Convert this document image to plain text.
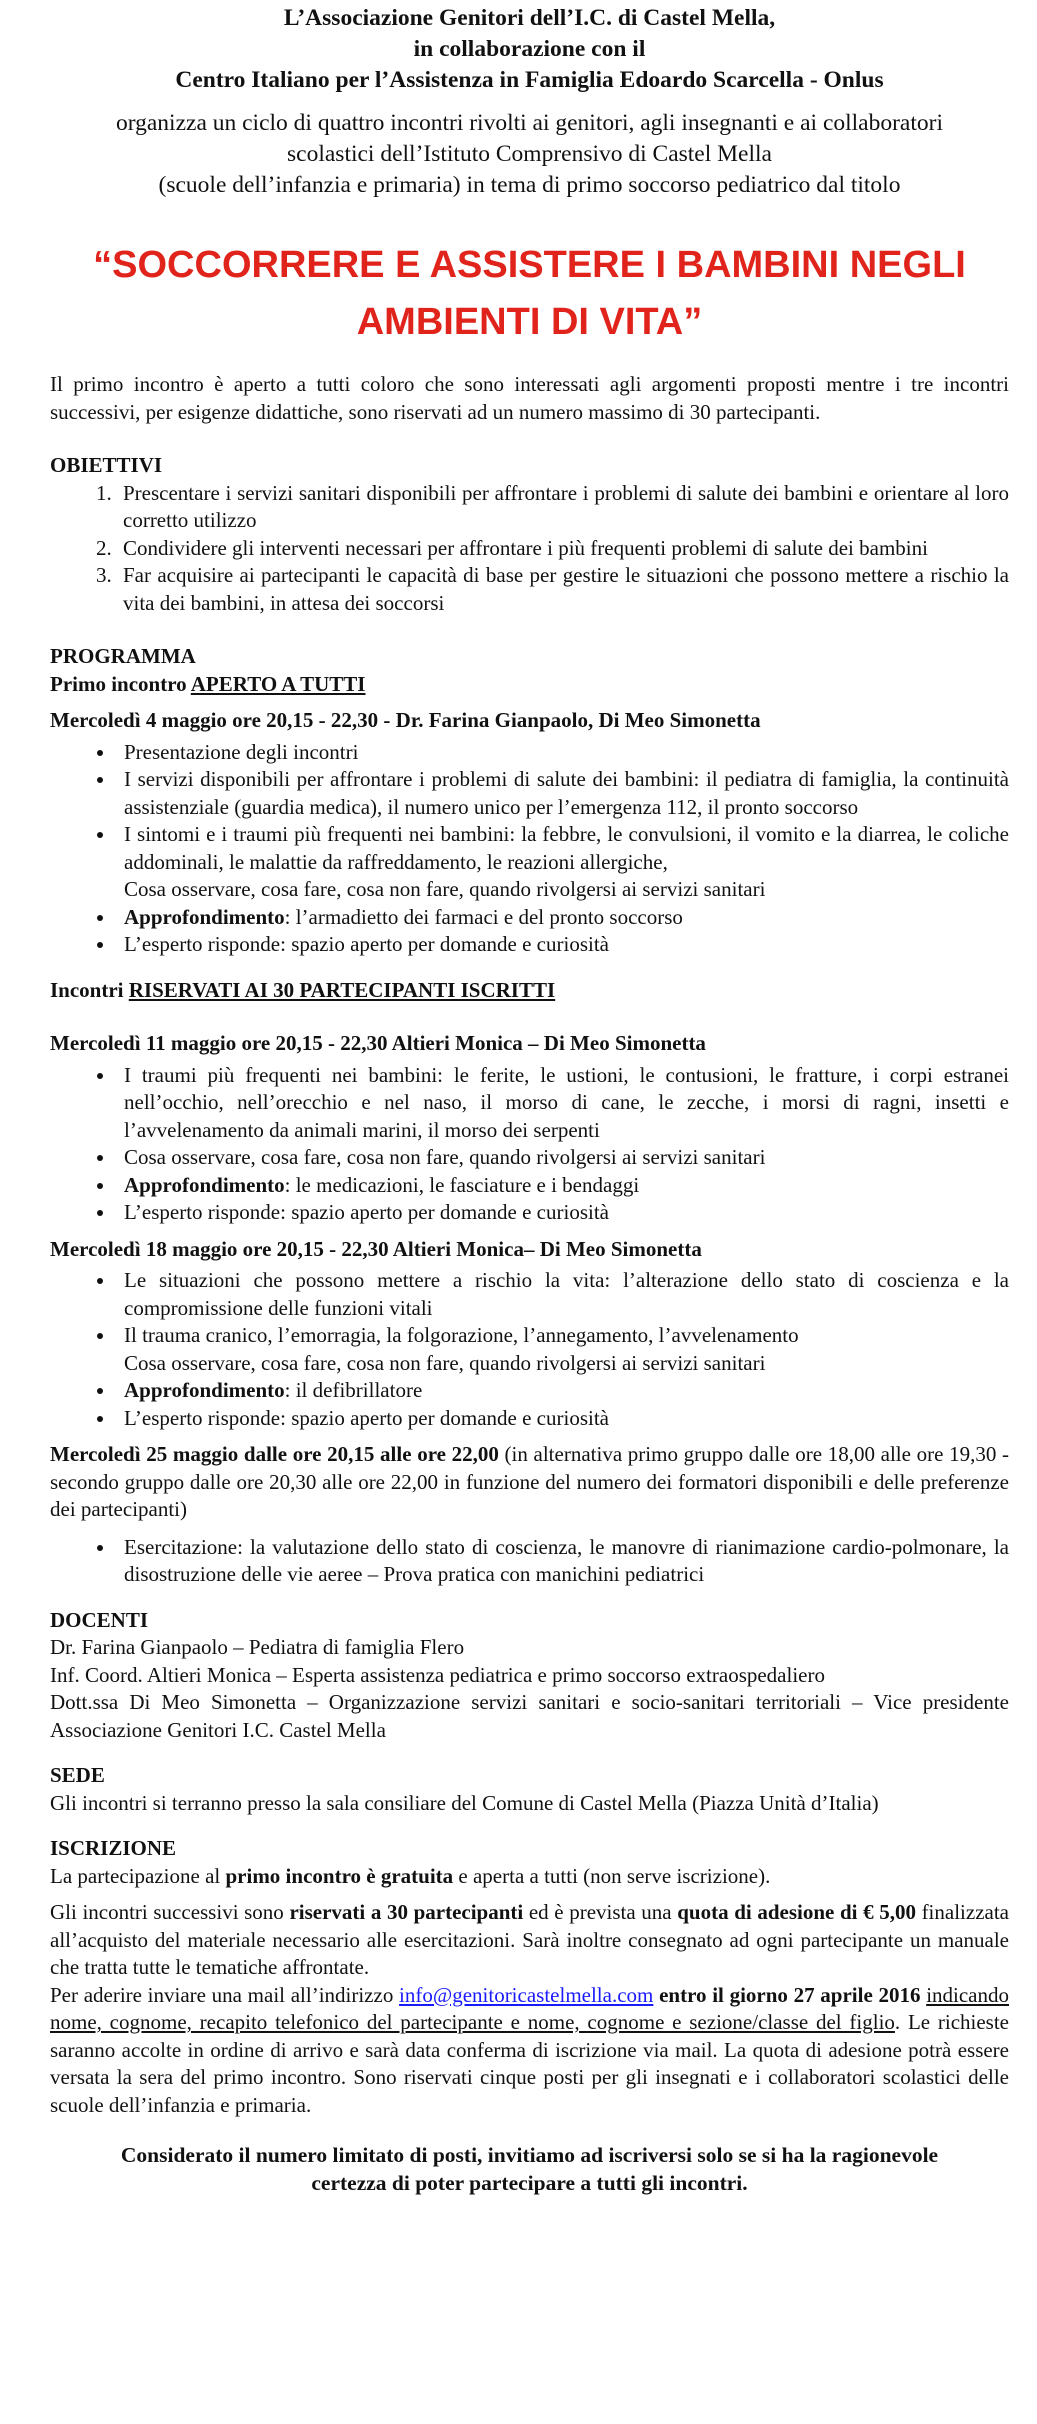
L’Associazione Genitori dell’I.C. di Castel Mella,
in collaborazione con il
Centro Italiano per l’Assistenza in Famiglia Edoardo Scarcella - Onlus
organizza un ciclo di quattro incontri rivolti ai genitori, agli insegnanti e ai collaboratori
scolastici dell’Istituto Comprensivo di Castel Mella
(scuole dell’infanzia e primaria) in tema di primo soccorso pediatrico dal titolo
“SOCCORRERE E ASSISTERE I BAMBINI NEGLI
AMBIENTI DI VITA”
Il primo incontro è aperto a tutti coloro che sono interessati agli argomenti proposti mentre i tre incontri successivi, per esigenze didattiche, sono riservati ad un numero massimo di 30 partecipanti.
OBIETTIVI
1. Prescentare i servizi sanitari disponibili per affrontare i problemi di salute dei bambini e orientare al loro corretto utilizzo
2. Condividere gli interventi necessari per affrontare i più frequenti problemi di salute dei bambini
3. Far acquisire ai partecipanti le capacità di base per gestire le situazioni che possono mettere a rischio la vita dei bambini, in attesa dei soccorsi
PROGRAMMA
Primo incontro APERTO A TUTTI
Mercoledì 4 maggio ore 20,15 - 22,30 - Dr. Farina Gianpaolo, Di Meo Simonetta
• Presentazione degli incontri
• I servizi disponibili per affrontare i problemi di salute dei bambini: il pediatra di famiglia, la continuità assistenziale (guardia medica), il numero unico per l’emergenza 112, il pronto soccorso
• I sintomi e i traumi più frequenti nei bambini: la febbre, le convulsioni, il vomito e la diarrea, le coliche addominali, le malattie da raffreddamento, le reazioni allergiche,
Cosa osservare, cosa fare, cosa non fare, quando rivolgersi ai servizi sanitari
• Approfondimento: l’armadietto dei farmaci e del pronto soccorso
• L’esperto risponde: spazio aperto per domande e curiosità
Incontri RISERVATI AI 30 PARTECIPANTI ISCRITTI
Mercoledì 11 maggio ore 20,15 - 22,30 Altieri Monica – Di Meo Simonetta
• I traumi più frequenti nei bambini: le ferite, le ustioni, le contusioni, le fratture, i corpi estranei nell’occhio, nell’orecchio e nel naso, il morso di cane, le zecche, i morsi di ragni, insetti e l’avvelenamento da animali marini, il morso dei serpenti
• Cosa osservare, cosa fare, cosa non fare, quando rivolgersi ai servizi sanitari
• Approfondimento: le medicazioni, le fasciature e i bendaggi
• L’esperto risponde: spazio aperto per domande e curiosità
Mercoledì 18 maggio ore 20,15 - 22,30 Altieri Monica– Di Meo Simonetta
• Le situazioni che possono mettere a rischio la vita: l’alterazione dello stato di coscienza e la compromissione delle funzioni vitali
• Il trauma cranico, l’emorragia, la folgorazione, l’annegamento, l’avvelenamento
Cosa osservare, cosa fare, cosa non fare, quando rivolgersi ai servizi sanitari
• Approfondimento: il defibrillatore
• L’esperto risponde: spazio aperto per domande e curiosità
Mercoledì 25 maggio dalle ore 20,15 alle ore 22,00 (in alternativa primo gruppo dalle ore 18,00 alle ore 19,30 - secondo gruppo dalle ore 20,30 alle ore 22,00 in funzione del numero dei formatori disponibili e delle preferenze dei partecipanti)
• Esercitazione: la valutazione dello stato di coscienza, le manovre di rianimazione cardio-polmonare, la disostruzione delle vie aeree – Prova pratica con manichini pediatrici
DOCENTI
Dr. Farina Gianpaolo – Pediatra di famiglia Flero
Inf. Coord. Altieri Monica – Esperta assistenza pediatrica e primo soccorso extraospedaliero
Dott.ssa Di Meo Simonetta – Organizzazione servizi sanitari e socio-sanitari territoriali – Vice presidente Associazione Genitori I.C. Castel Mella
SEDE
Gli incontri si terranno presso la sala consiliare del Comune di Castel Mella (Piazza Unità d’Italia)
ISCRIZIONE
La partecipazione al primo incontro è gratuita e aperta a tutti (non serve iscrizione).
Gli incontri successivi sono riservati a 30 partecipanti ed è prevista una quota di adesione di € 5,00 finalizzata all’acquisto del materiale necessario alle esercitazioni. Sarà inoltre consegnato ad ogni partecipante un manuale che tratta tutte le tematiche affrontate.
Per aderire inviare una mail all’indirizzo info@genitoricastelmella.com entro il giorno 27 aprile 2016 indicando nome, cognome, recapito telefonico del partecipante e nome, cognome e sezione/classe del figlio. Le richieste saranno accolte in ordine di arrivo e sarà data conferma di iscrizione via mail. La quota di adesione potrà essere versata la sera del primo incontro. Sono riservati cinque posti per gli insegnati e i collaboratori scolastici delle scuole dell’infanzia e primaria.
Considerato il numero limitato di posti, invitiamo ad iscriversi solo se si ha la ragionevole
certezza di poter partecipare a tutti gli incontri.
